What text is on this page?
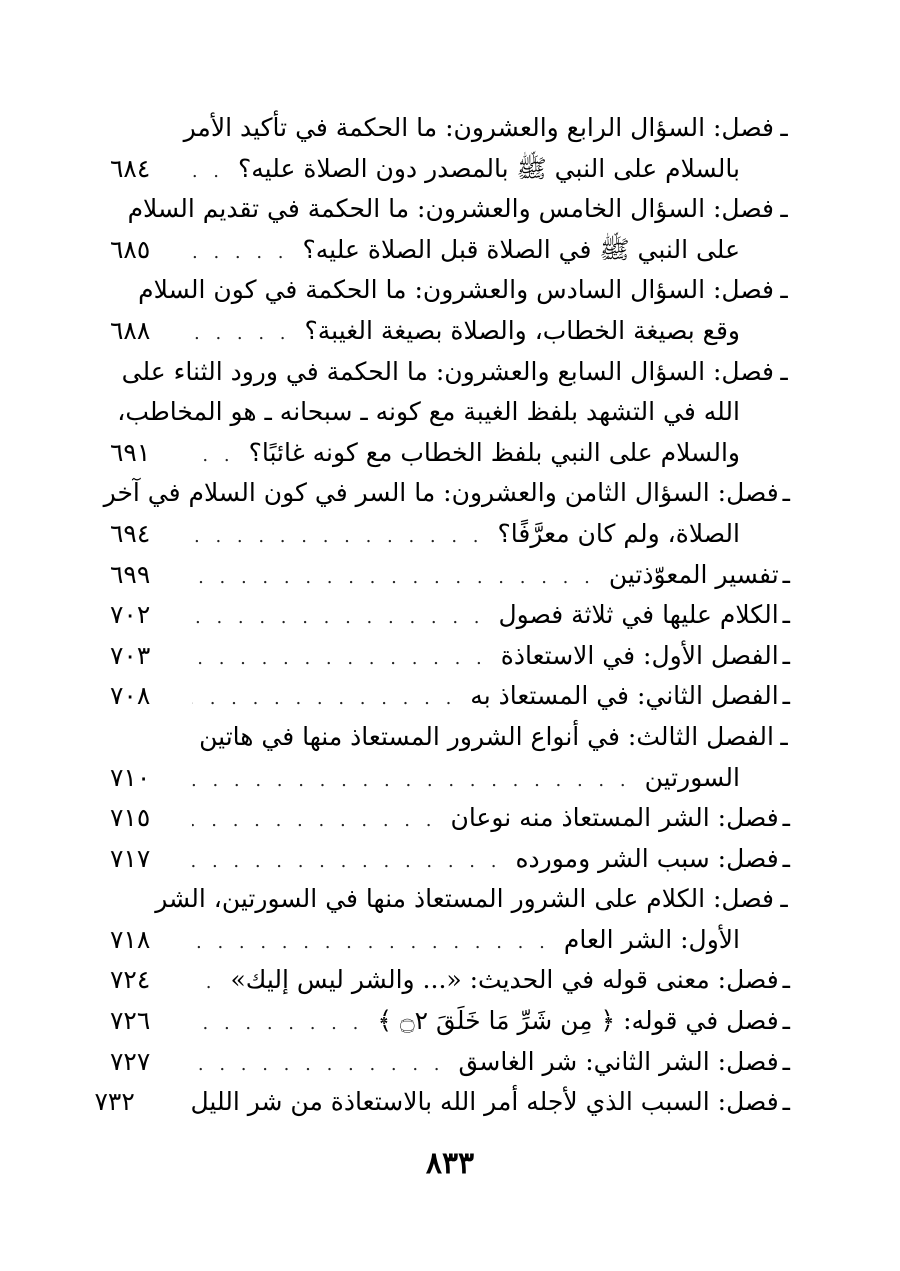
ـ
فصل: السؤال الرابع والعشرون: ما الحكمة في تأكيد الأمر
بالسلام على النبي ﷺ بالمصدر دون الصلاة عليه؟
. . .
٦٨٤
ـ
فصل: السؤال الخامس والعشرون: ما الحكمة في تقديم السلام
على النبي ﷺ في الصلاة قبل الصلاة عليه؟
. . .
٦٨٥
ـ
فصل: السؤال السادس والعشرون: ما الحكمة في كون السلام
وقع بصيغة الخطاب، والصلاة بصيغة الغيبة؟
. . .
٦٨٨
ـ
فصل: السؤال السابع والعشرون: ما الحكمة في ورود الثناء على
الله في التشهد بلفظ الغيبة مع كونه ـ سبحانه ـ هو المخاطب،
والسلام على النبي بلفظ الخطاب مع كونه غائبًا؟
. . .
٦٩١
ـ
فصل: السؤال الثامن والعشرون: ما السر في كون السلام في آخر
الصلاة، ولم كان معرَّفًا؟
. . .
٦٩٤
ـ
تفسير المعوّذتين
. . .
٦٩٩
ـ
الكلام عليها في ثلاثة فصول
. . .
٧٠٢
ـ
الفصل الأول: في الاستعاذة
. . .
٧٠٣
ـ
الفصل الثاني: في المستعاذ به
. . .
٧٠٨
ـ
الفصل الثالث: في أنواع الشرور المستعاذ منها في هاتين
السورتين
. . .
٧١٠
ـ
فصل: الشر المستعاذ منه نوعان
. . .
٧١٥
ـ
فصل: سبب الشر ومورده
. . .
٧١٧
ـ
فصل: الكلام على الشرور المستعاذ منها في السورتين، الشر
الأول: الشر العام
. . .
٧١٨
ـ
فصل: معنى قوله في الحديث: «... والشر ليس إليك»
. . .
٧٢٤
ـ
فصل في قوله: ﴿ مِن شَرِّ مَا خَلَقَ ۝٢ ﴾
. . .
٧٢٦
ـ
فصل: الشر الثاني: شر الغاسق
. . .
٧٢٧
ـ
فصل: السبب الذي لأجله أمر الله بالاستعاذة من شر الليل
٧٣٢
٨٣٣
